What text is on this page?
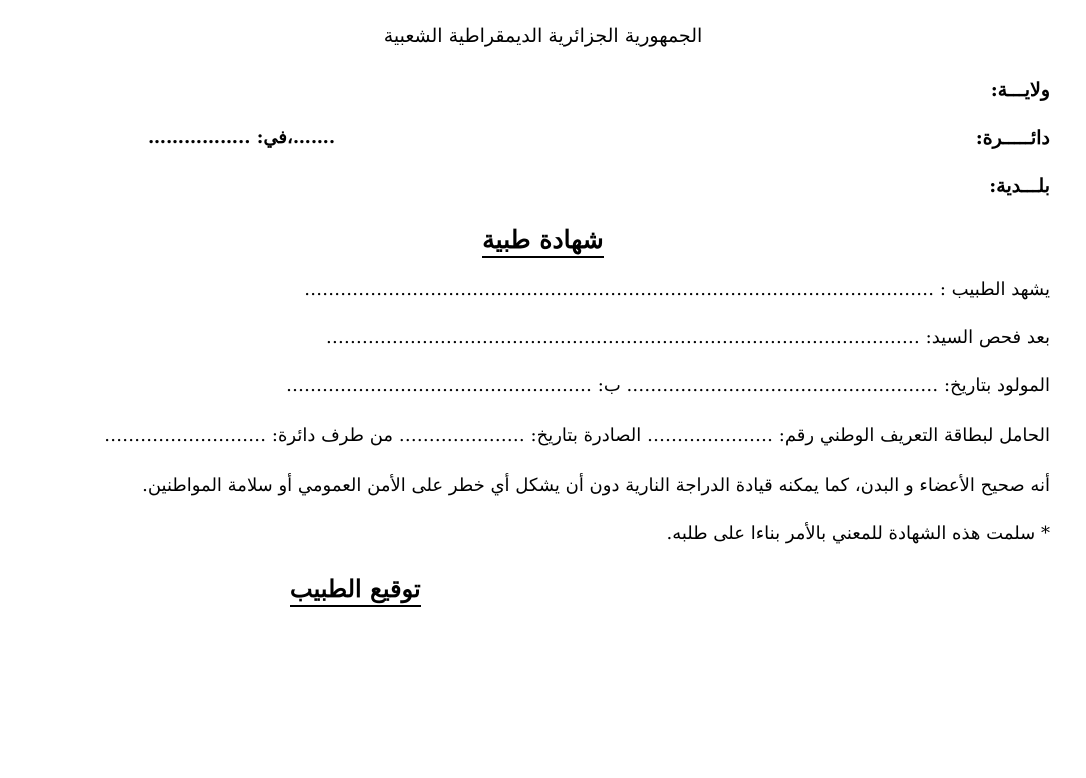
الجمهورية الجزائرية الديمقراطية الشعبية
ولايـــة:
دائـــــرة:
بلـــدية:
…………….. :في،…….
شهادة طبية
يشهد الطبيب : ……………………………………………………………………………………………
بعد فحص السيد: ………………………………………………………………………………………
المولود بتاريخ: ……………………………………………. ب: ……………………………………………
الحامل لبطاقة التعريف الوطني رقم: ………………… الصادرة بتاريخ: ………………… من طرف دائرة: ………………………
أنه صحيح الأعضاء و البدن، كما يمكنه قيادة الدراجة النارية دون أن يشكل أي خطر على الأمن العمومي أو سلامة المواطنين.
* سلمت هذه الشهادة للمعني بالأمر بناءا على طلبه.
توقيع الطبيب
